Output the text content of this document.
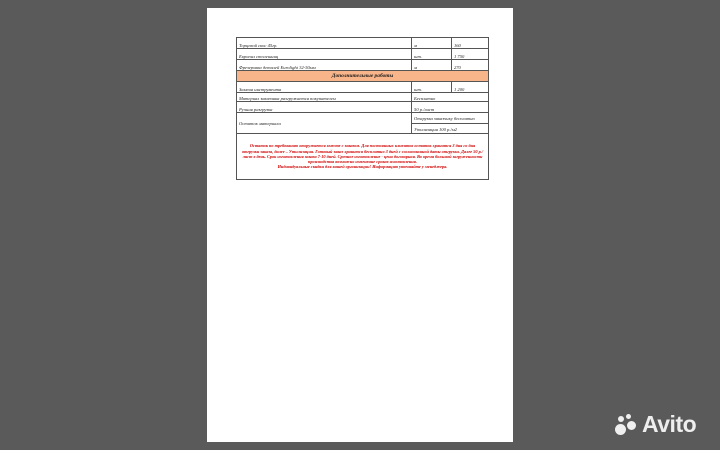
Торцевой скос 45гр.	м	160
Европил столешниц	шт.	1 750
Фрезеровка деталей Eurolight 32-50мм	м	270
Дополнительные работы		
Замена инструмента	шт.	1 200
Материал заказчика разгружается покупателем	Бесплатно	
Ручная разгрузка	50 р./лист	
Остаток материала	Отгрузка заказчику бесплатно
Утилизация 100 р./м2	

Остаток по требованию отгружается вместе с заказом. Для постоянных клиентов остаток хранится 3 дня со дня отгрузки заказа, далее – Утилизация. Готовый заказ хранится бесплатно 3 дней с согласованной даты отгрузки. Далее 50 р./лист в день. Срок изготовления заказа 7-10 дней. Срочное изготовление - цена договорная. Во время большой загруженности производства возможно изменение сроков изготовления.
Индивидуальные скидки для вашей организации! Информацию уточняйте у менеджера.		
Avito
